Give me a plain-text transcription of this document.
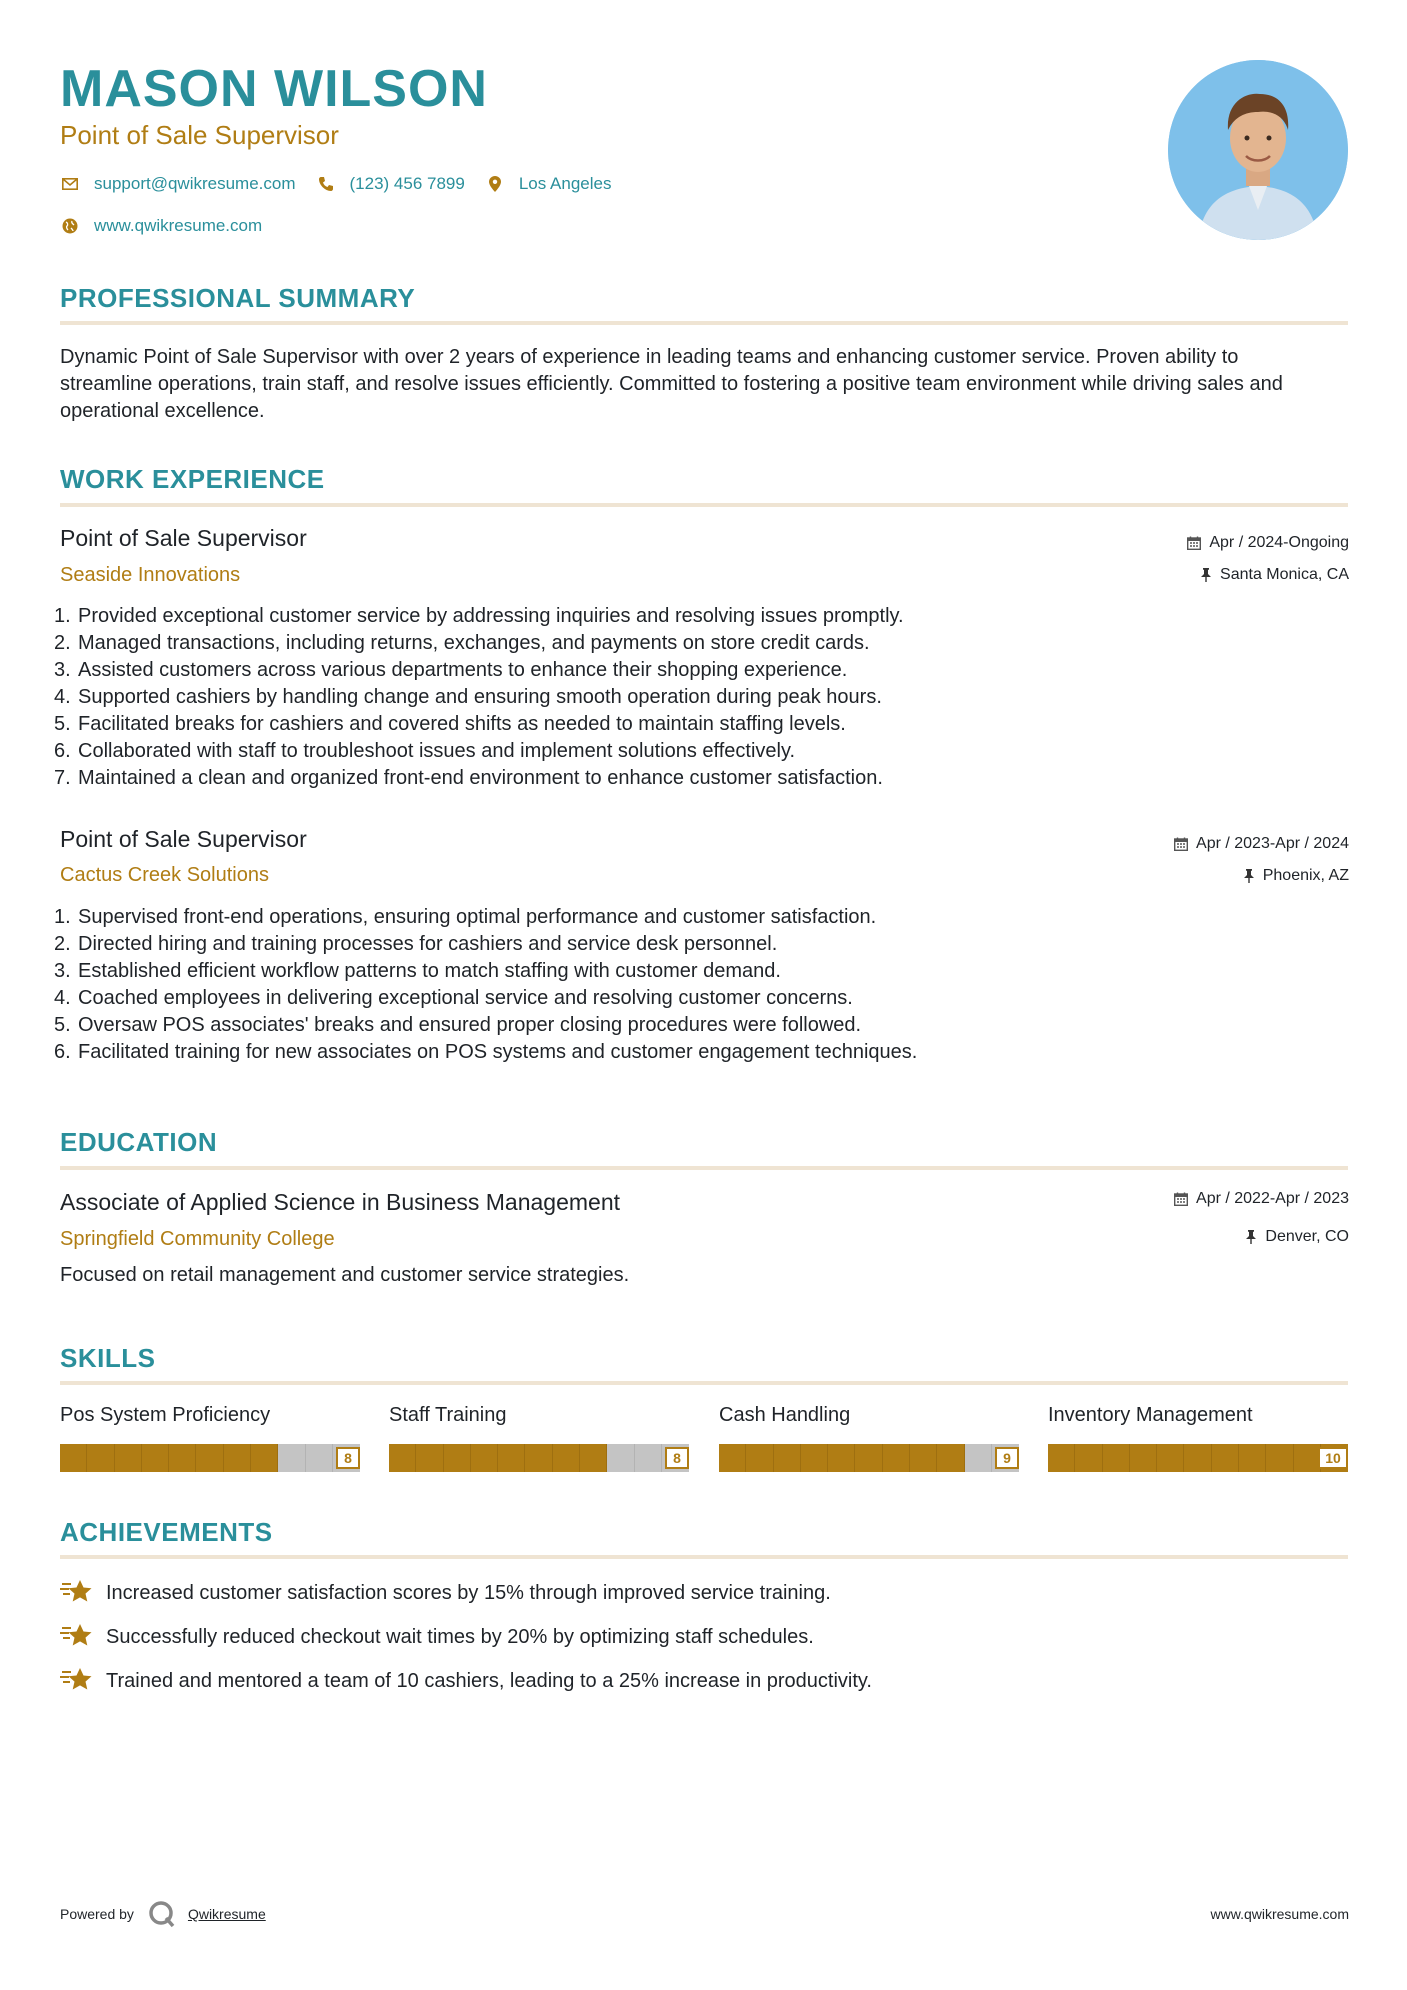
MASON WILSON
Point of Sale Supervisor
support@qwikresume.com	(123) 456 7899	Los Angeles
www.qwikresume.com
PROFESSIONAL SUMMARY
Dynamic Point of Sale Supervisor with over 2 years of experience in leading teams and enhancing customer service. Proven ability to streamline operations, train staff, and resolve issues efficiently. Committed to fostering a positive team environment while driving sales and operational excellence.
WORK EXPERIENCE
Point of Sale Supervisor
Seaside Innovations
Apr / 2024-Ongoing
Santa Monica, CA
1. Provided exceptional customer service by addressing inquiries and resolving issues promptly.
2. Managed transactions, including returns, exchanges, and payments on store credit cards.
3. Assisted customers across various departments to enhance their shopping experience.
4. Supported cashiers by handling change and ensuring smooth operation during peak hours.
5. Facilitated breaks for cashiers and covered shifts as needed to maintain staffing levels.
6. Collaborated with staff to troubleshoot issues and implement solutions effectively.
7. Maintained a clean and organized front-end environment to enhance customer satisfaction.
Point of Sale Supervisor
Cactus Creek Solutions
Apr / 2023-Apr / 2024
Phoenix, AZ
1. Supervised front-end operations, ensuring optimal performance and customer satisfaction.
2. Directed hiring and training processes for cashiers and service desk personnel.
3. Established efficient workflow patterns to match staffing with customer demand.
4. Coached employees in delivering exceptional service and resolving customer concerns.
5. Oversaw POS associates' breaks and ensured proper closing procedures were followed.
6. Facilitated training for new associates on POS systems and customer engagement techniques.
EDUCATION
Associate of Applied Science in Business Management
Springfield Community College
Apr / 2022-Apr / 2023
Denver, CO
Focused on retail management and customer service strategies.
SKILLS
Pos System Proficiency
8
Staff Training
8
Cash Handling
9
Inventory Management
10
ACHIEVEMENTS
Increased customer satisfaction scores by 15% through improved service training.
Successfully reduced checkout wait times by 20% by optimizing staff schedules.
Trained and mentored a team of 10 cashiers, leading to a 25% increase in productivity.
Powered by	Qwikresume	www.qwikresume.com
